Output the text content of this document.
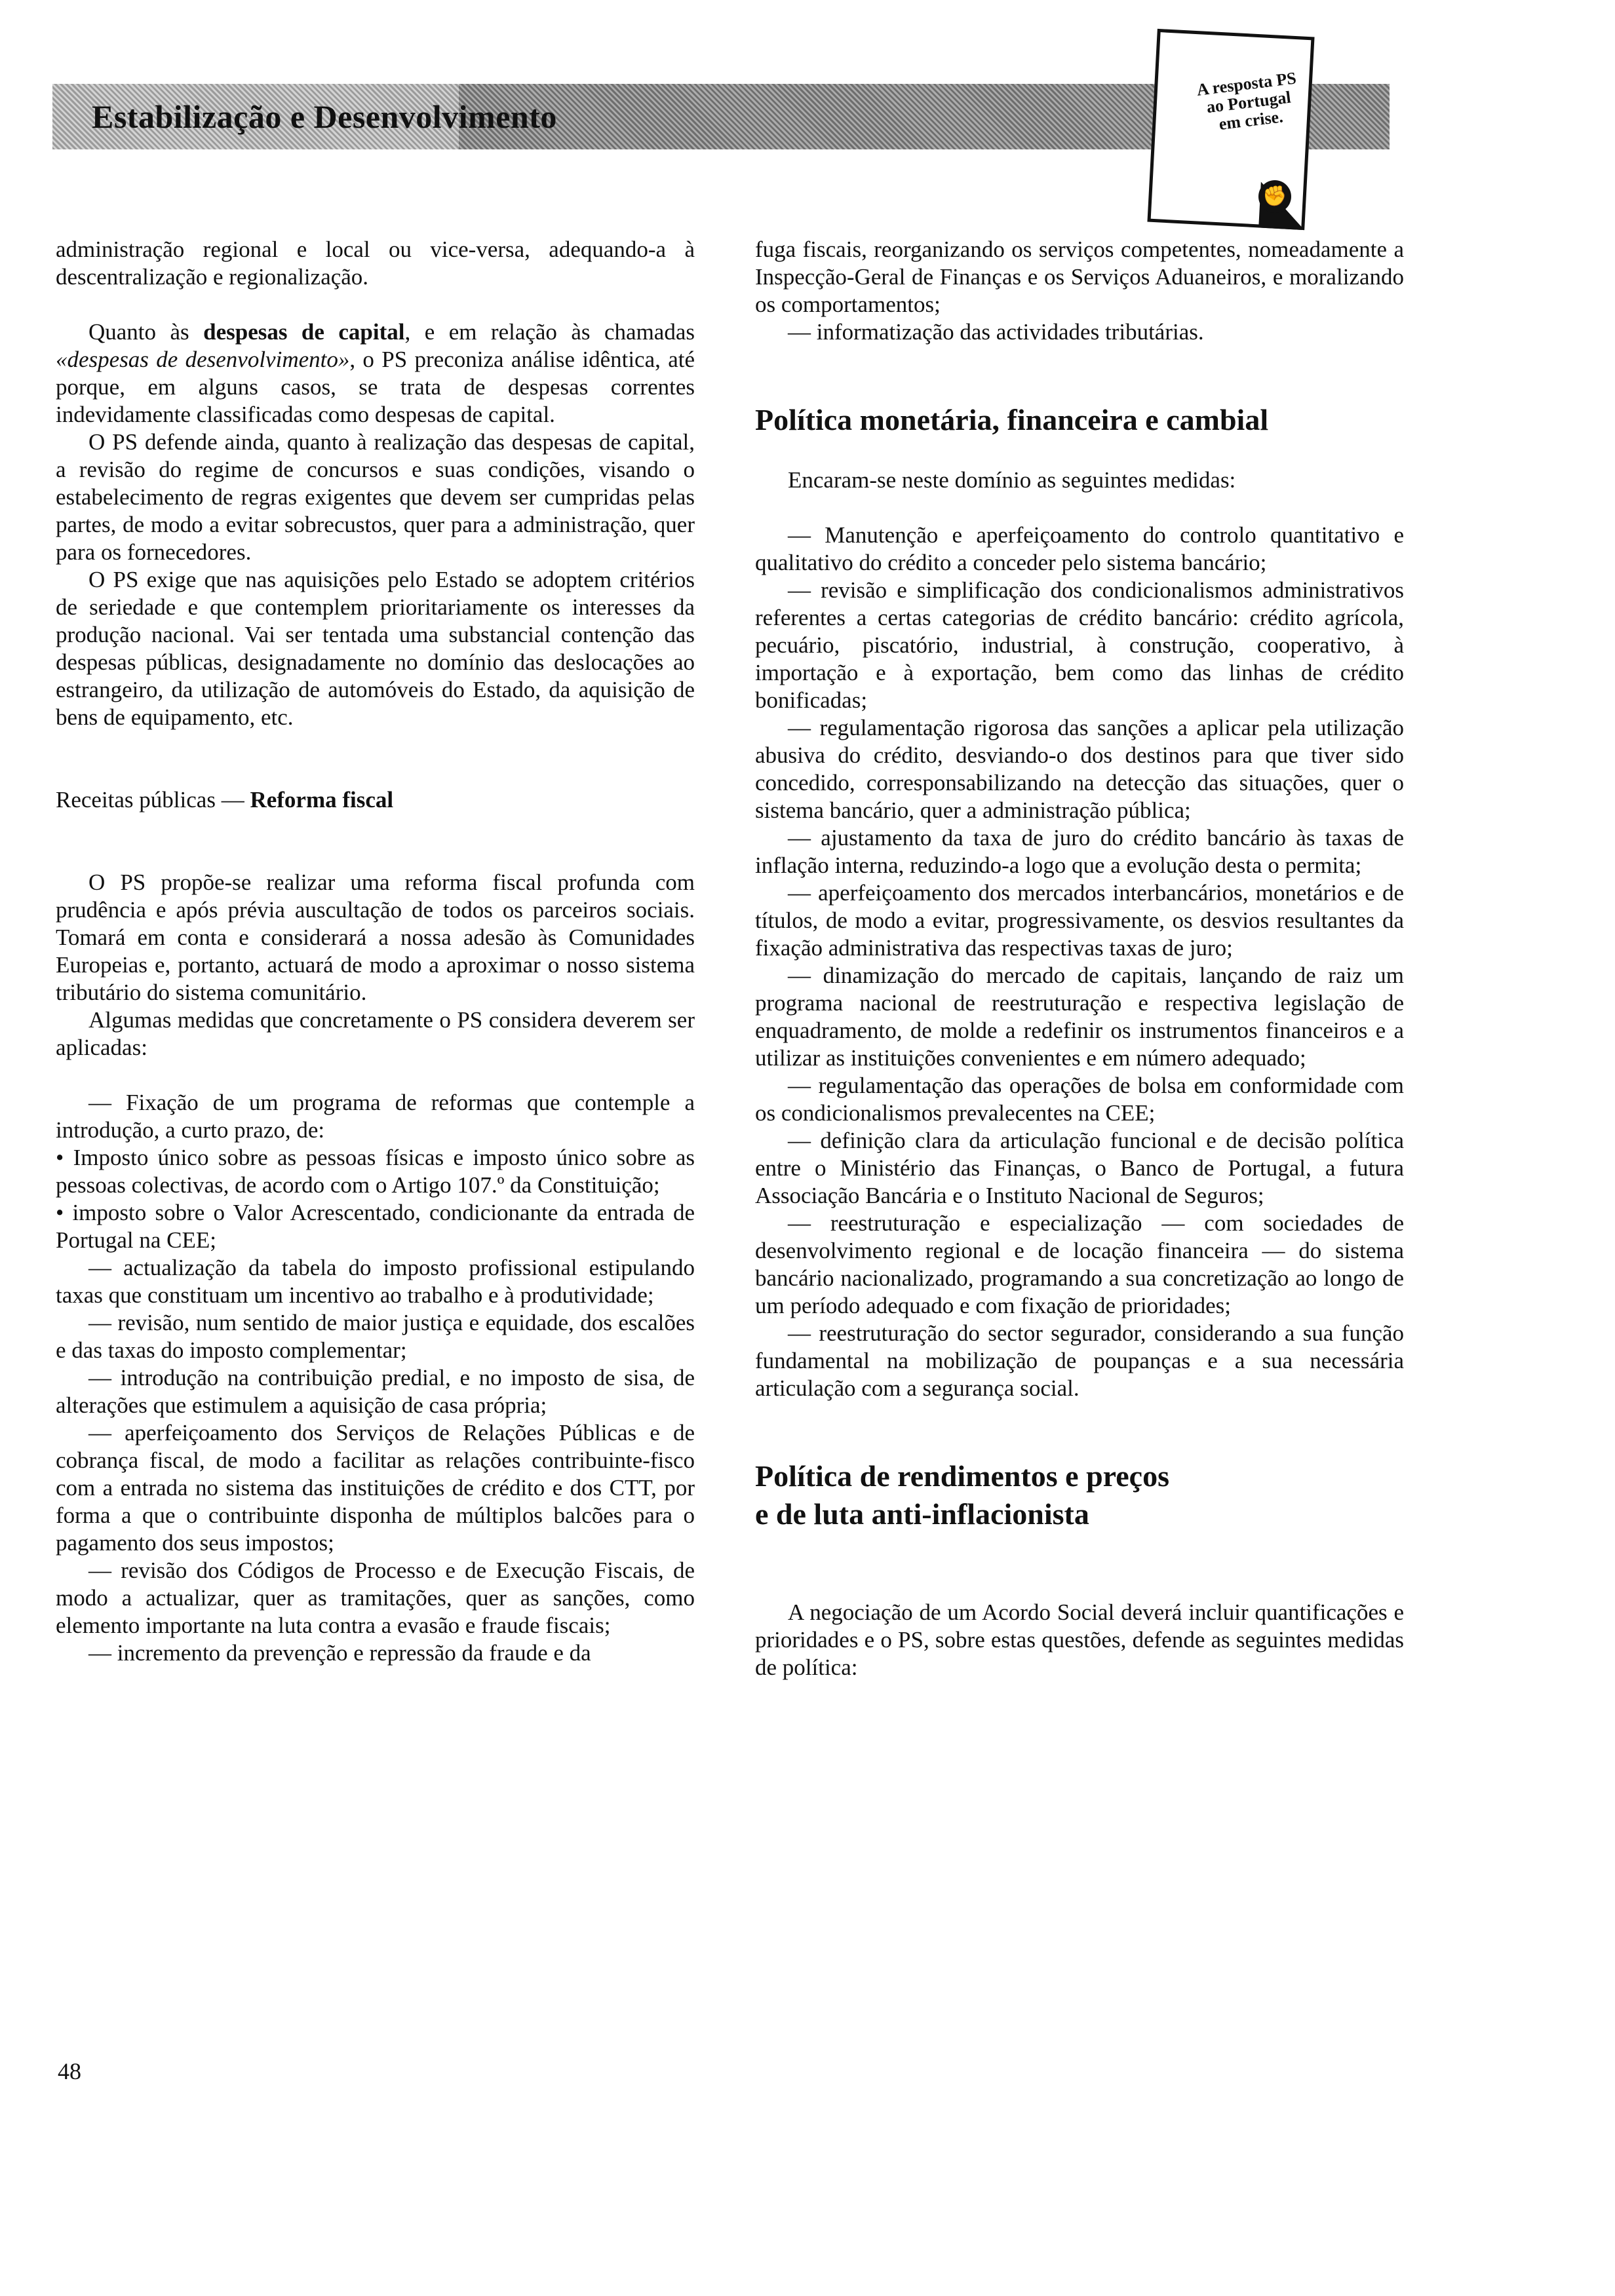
Estabilização e Desenvolvimento
A resposta PS ao Portugal em crise.
✊

administração regional e local ou vice-versa, adequando-a à descentralização e regionalização.

Quanto às despesas de capital, e em relação às chamadas «despesas de desenvolvimento», o PS preconiza análise idêntica, até porque, em alguns casos, se trata de despesas correntes indevidamente classificadas como despesas de capital.

O PS defende ainda, quanto à realização das despesas de capital, a revisão do regime de concursos e suas condições, visando o estabelecimento de regras exigentes que devem ser cumpridas pelas partes, de modo a evitar sobrecustos, quer para a administração, quer para os fornecedores.

O PS exige que nas aquisições pelo Estado se adoptem critérios de seriedade e que contemplem prioritariamente os interesses da produção nacional. Vai ser tentada uma substancial contenção das despesas públicas, designadamente no domínio das deslocações ao estrangeiro, da utilização de automóveis do Estado, da aquisição de bens de equipamento, etc.

Receitas públicas — Reforma fiscal

O PS propõe-se realizar uma reforma fiscal profunda com prudência e após prévia auscultação de todos os parceiros sociais. Tomará em conta e considerará a nossa adesão às Comunidades Europeias e, portanto, actuará de modo a aproximar o nosso sistema tributário do sistema comunitário.

Algumas medidas que concretamente o PS considera deverem ser aplicadas:

— Fixação de um programa de reformas que contemple a introdução, a curto prazo, de:

• Imposto único sobre as pessoas físicas e imposto único sobre as pessoas colectivas, de acordo com o Artigo 107.º da Constituição;

• imposto sobre o Valor Acrescentado, condicionante da entrada de Portugal na CEE;

— actualização da tabela do imposto profissional estipulando taxas que constituam um incentivo ao trabalho e à produtividade;

— revisão, num sentido de maior justiça e equidade, dos escalões e das taxas do imposto complementar;

— introdução na contribuição predial, e no imposto de sisa, de alterações que estimulem a aquisição de casa própria;

— aperfeiçoamento dos Serviços de Relações Públicas e de cobrança fiscal, de modo a facilitar as relações contribuinte-fisco com a entrada no sistema das instituições de crédito e dos CTT, por forma a que o contribuinte disponha de múltiplos balcões para o pagamento dos seus impostos;

— revisão dos Códigos de Processo e de Execução Fiscais, de modo a actualizar, quer as tramitações, quer as sanções, como elemento importante na luta contra a evasão e fraude fiscais;

— incremento da prevenção e repressão da fraude e da

fuga fiscais, reorganizando os serviços competentes, nomeadamente a Inspecção-Geral de Finanças e os Serviços Aduaneiros, e moralizando os comportamentos;

— informatização das actividades tributárias.

Política monetária, financeira e cambial

Encaram-se neste domínio as seguintes medidas:

— Manutenção e aperfeiçoamento do controlo quantitativo e qualitativo do crédito a conceder pelo sistema bancário;

— revisão e simplificação dos condicionalismos administrativos referentes a certas categorias de crédito bancário: crédito agrícola, pecuário, piscatório, industrial, à construção, cooperativo, à importação e à exportação, bem como das linhas de crédito bonificadas;

— regulamentação rigorosa das sanções a aplicar pela utilização abusiva do crédito, desviando-o dos destinos para que tiver sido concedido, corresponsabilizando na detecção das situações, quer o sistema bancário, quer a administração pública;

— ajustamento da taxa de juro do crédito bancário às taxas de inflação interna, reduzindo-a logo que a evolução desta o permita;

— aperfeiçoamento dos mercados interbancários, monetários e de títulos, de modo a evitar, progressivamente, os desvios resultantes da fixação administrativa das respectivas taxas de juro;

— dinamização do mercado de capitais, lançando de raiz um programa nacional de reestruturação e respectiva legislação de enquadramento, de molde a redefinir os instrumentos financeiros e a utilizar as instituições convenientes e em número adequado;

— regulamentação das operações de bolsa em conformidade com os condicionalismos prevalecentes na CEE;

— definição clara da articulação funcional e de decisão política entre o Ministério das Finanças, o Banco de Portugal, a futura Associação Bancária e o Instituto Nacional de Seguros;

— reestruturação e especialização — com sociedades de desenvolvimento regional e de locação financeira — do sistema bancário nacionalizado, programando a sua concretização ao longo de um período adequado e com fixação de prioridades;

— reestruturação do sector segurador, considerando a sua função fundamental na mobilização de poupanças e a sua necessária articulação com a segurança social.

Política de rendimentos e preços

e de luta anti-inflacionista

A negociação de um Acordo Social deverá incluir quantificações e prioridades e o PS, sobre estas questões, defende as seguintes medidas de política:

48
